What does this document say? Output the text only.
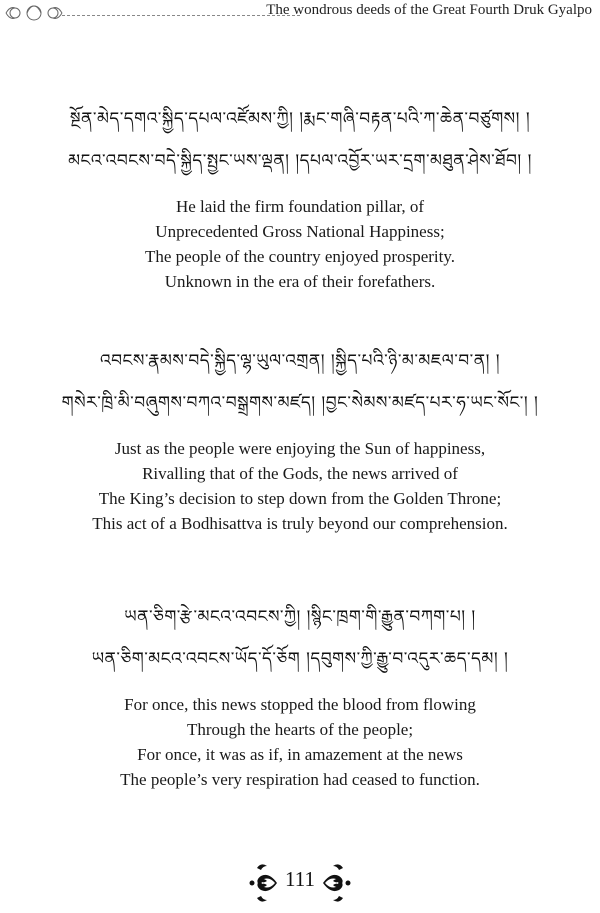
The wondrous deeds of the Great Fourth Druk Gyalpo
སྔོན་མེད་དགའ་སྐྱིད་དཔལ་འཛོམས་ཀྱི། །རྨང་གཞི་བརྟན་པའི་ཀ་ཆེན་བཙུགས། །
མངའ་འབངས་བདེ་སྐྱིད་སྤྱང་ཡས་ལྡན། །དཔལ་འབྱོར་ཡར་དྲག་མཐུན་ཤེས་ཐོབ། །
He laid the firm foundation pillar, of
Unprecedented Gross National Happiness;
The people of the country enjoyed prosperity.
Unknown in the era of their forefathers.
འབངས་རྣམས་བདེ་སྐྱིད་ལྷ་ཡུལ་འགྲན། །སྐྱིད་པའི་ཉི་མ་མཇལ་བ་ན། །
གསེར་ཁྲི་མི་བཞུགས་བཀའ་བསྒྲགས་མཛད། །བྱང་སེམས་མཛད་པར་ཧ་ཡང་སོང་། །
Just as the people were enjoying the Sun of happiness,
Rivalling that of the Gods, the news arrived of
The King’s decision to step down from the Golden Throne;
This act of a Bodhisattva is truly beyond our comprehension.
ཡན་ཅིག་རྩེ་མངའ་འབངས་ཀྱི། །སྙིང་ཁྲག་གི་རྒྱུན་བཀག་པ། །
ཡན་ཅིག་མངའ་འབངས་ཡོད་དོ་ཅོག །དབུགས་ཀྱི་རྒྱུ་བ་འདུར་ཆད་དམ། །
For once, this news stopped the blood from flowing
Through the hearts of the people;
For once, it was as if, in amazement at the news
The people’s very respiration had ceased to function.
111
